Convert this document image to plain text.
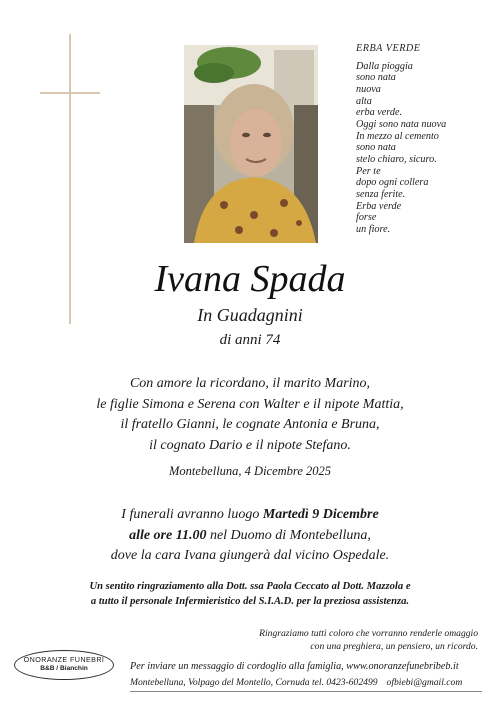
ERBA VERDE
Dalla pioggia
sono nata
nuova
alta
erba verde.
Oggi sono nata nuova
In mezzo al cemento
sono nata
stelo chiaro, sicuro.
Per te
dopo ogni collera
senza ferite.
Erba verde
forse
un fiore.
Ivana Spada
In Guadagnini
di anni 74
Con amore la ricordano, il marito Marino,
le figlie Simona e Serena con Walter e il nipote Mattia,
il fratello Gianni, le cognate Antonia e Bruna,
il cognato Dario e il nipote Stefano.
Montebelluna, 4 Dicembre 2025
I funerali avranno luogo Martedì 9 Dicembre
alle ore 11.00 nel Duomo di Montebelluna,
dove la cara Ivana giungerà dal vicino Ospedale.
Un sentito ringraziamento alla Dott. ssa Paola Ceccato al Dott. Mazzola e
a tutto il personale Infermieristico del S.I.A.D. per la preziosa assistenza.
Ringraziamo tutti coloro che vorranno renderle omaggio
con una preghiera, un pensiero, un ricordo.
ONORANZE FUNEBRI
B&B / Bianchin	Per inviare un messaggio di cordoglio alla famiglia, www.onoranzefunebribeb.it
Montebelluna, Volpago del Montello, Cornuda tel. 0423-602499 ofbiebi@gmail.com
